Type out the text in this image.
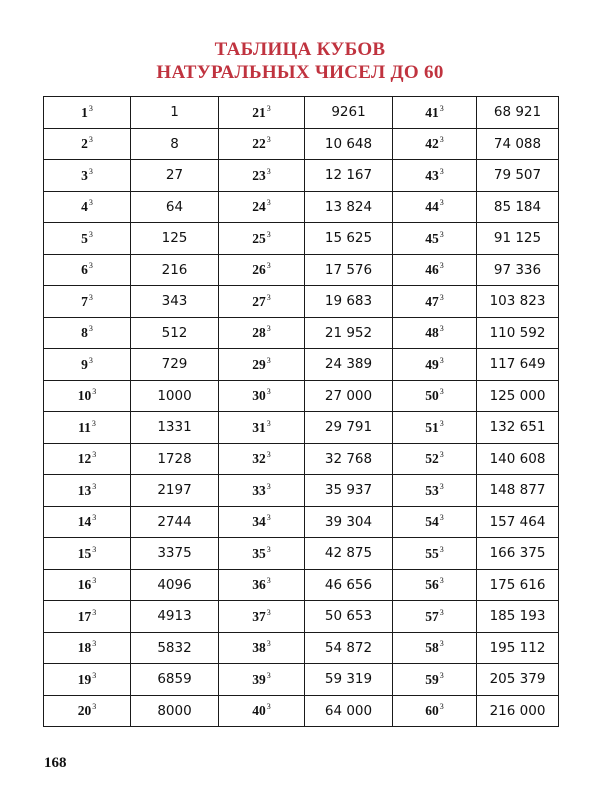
ТАБЛИЦА КУБОВ
НАТУРАЛЬНЫХ ЧИСЕЛ ДО 60
$1^3$	1	$21^3$	9261	$41^3$	68 921
$2^3$	8	$22^3$	10 648	$42^3$	74 088
$3^3$	27	$23^3$	12 167	$43^3$	79 507
$4^3$	64	$24^3$	13 824	$44^3$	85 184
$5^3$	125	$25^3$	15 625	$45^3$	91 125
$6^3$	216	$26^3$	17 576	$46^3$	97 336
$7^3$	343	$27^3$	19 683	$47^3$	103 823
$8^3$	512	$28^3$	21 952	$48^3$	110 592
$9^3$	729	$29^3$	24 389	$49^3$	117 649
$10^3$	1000	$30^3$	27 000	$50^3$	125 000
$11^3$	1331	$31^3$	29 791	$51^3$	132 651
$12^3$	1728	$32^3$	32 768	$52^3$	140 608
$13^3$	2197	$33^3$	35 937	$53^3$	148 877
$14^3$	2744	$34^3$	39 304	$54^3$	157 464
$15^3$	3375	$35^3$	42 875	$55^3$	166 375
$16^3$	4096	$36^3$	46 656	$56^3$	175 616
$17^3$	4913	$37^3$	50 653	$57^3$	185 193
$18^3$	5832	$38^3$	54 872	$58^3$	195 112
$19^3$	6859	$39^3$	59 319	$59^3$	205 379
$20^3$	8000	$40^3$	64 000	$60^3$	216 000
168
